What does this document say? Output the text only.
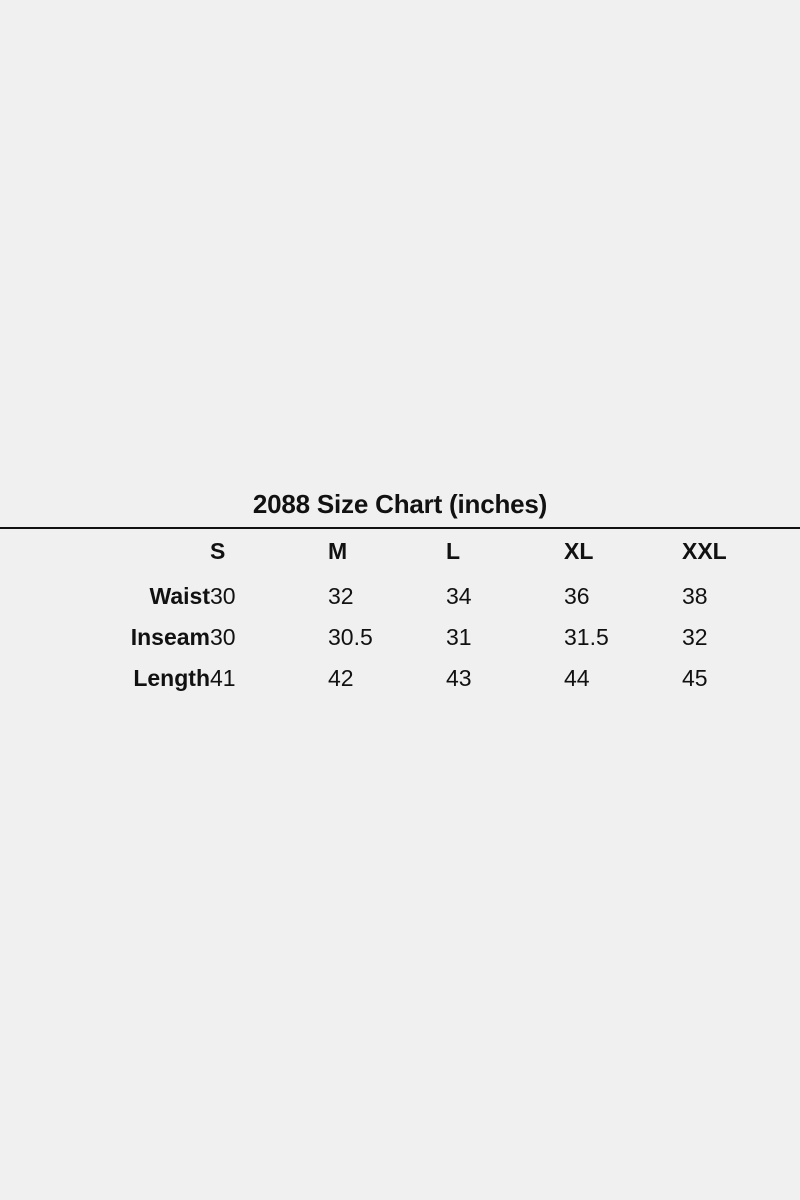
2088 Size Chart (inches)
	S	M	L	XL	XXL
Waist	30	32	34	36	38
Inseam	30	30.5	31	31.5	32
Length	41	42	43	44	45
